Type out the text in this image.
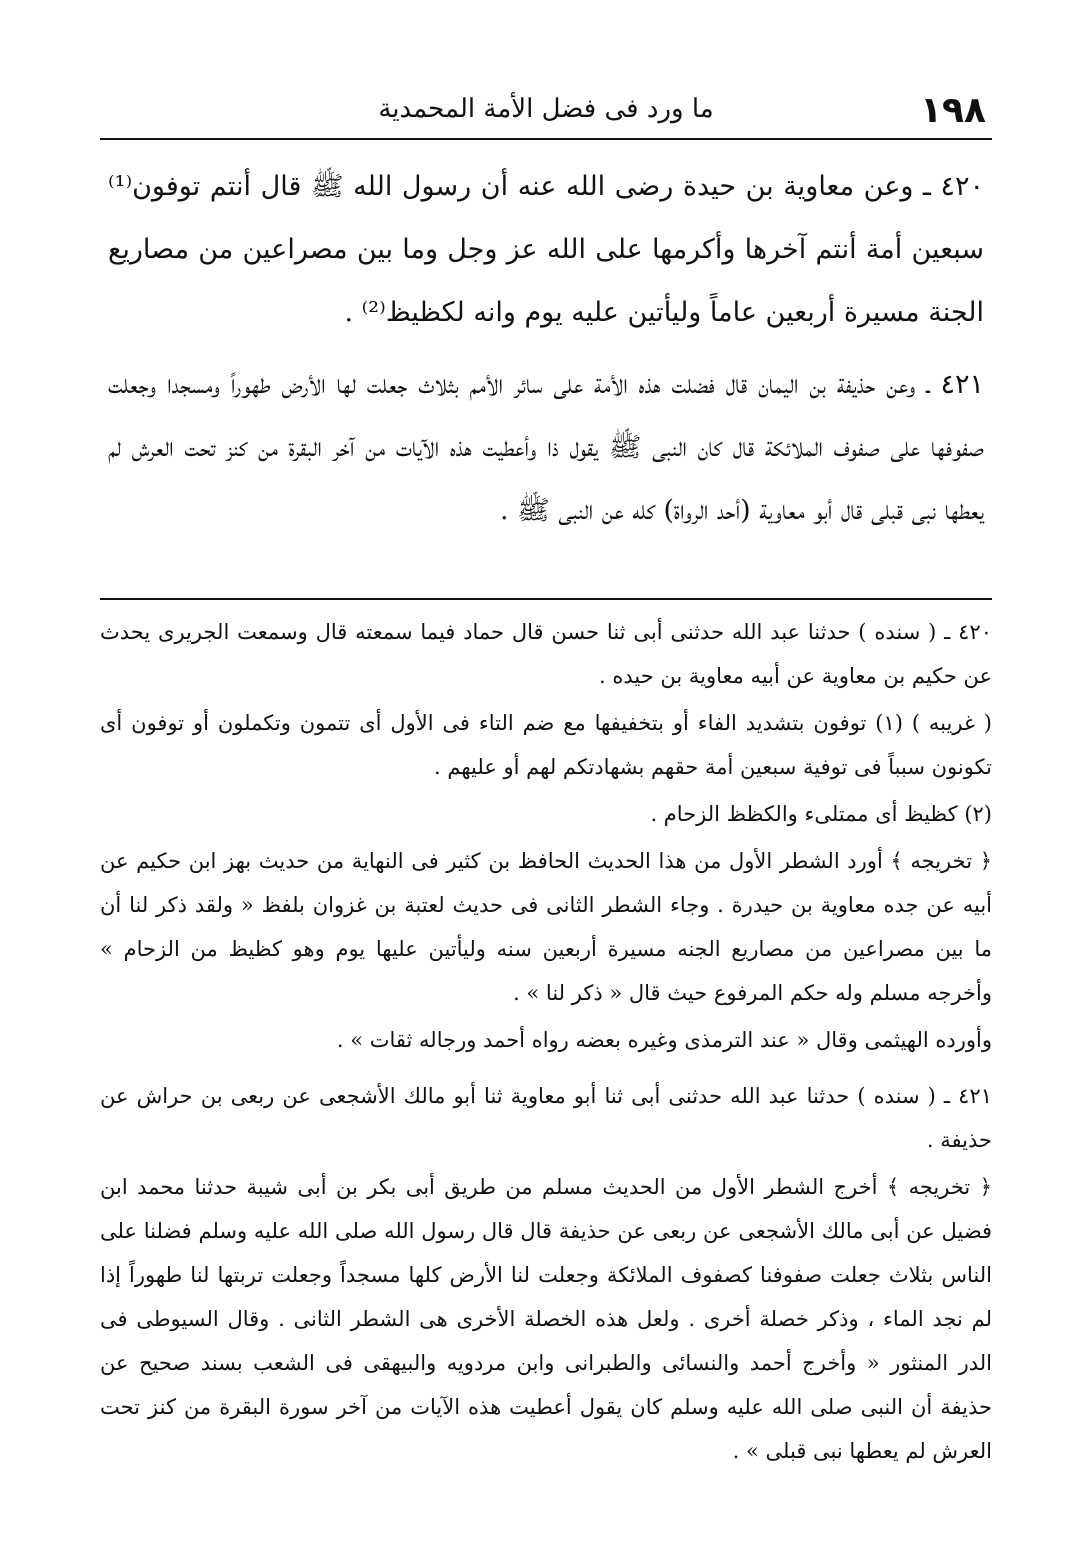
١٩٨
ما ورد فى فضل الأمة المحمدية

٤٢٠ ـ وعن معاوية بن حيدة رضى الله عنه أن رسول الله ﷺ قال أنتم توفون⁽¹⁾ سبعين أمة أنتم آخرها وأكرمها على الله عز وجل وما بين مصراعين من مصاريع الجنة مسيرة أربعين عاماً وليأتين عليه يوم وانه لكظيظ⁽²⁾ .

٤٢١ ـ وعن حذيفة بن اليمان قال فضلت هذه الأمة على سائر الأمم بثلاث جعلت لها الأرض طهوراً ومسجدا وجعلت صفوفها على صفوف الملائكة قال كان النبى ﷺ يقول ذا وأعطيت هذه الآيات من آخر البقرة من كنز تحت العرش لم يعطها نبى قبلى قال أبو معاوية (أحد الرواة) كله عن النبى ﷺ .

٤٢٠ ـ ( سنده ) حدثنا عبد الله حدثنى أبى ثنا حسن قال حماد فيما سمعته قال وسمعت الجريرى يحدث عن حكيم بن معاوية عن أبيه معاوية بن حيده .

( غريبه ) (١) توفون بتشديد الفاء أو بتخفيفها مع ضم التاء فى الأول أى تتمون وتكملون أو توفون أى تكونون سبباً فى توفية سبعين أمة حقهم بشهادتكم لهم أو عليهم .

(٢) كظيظ أى ممتلىء والكظظ الزحام .

﴿ تخريجه ﴾ أورد الشطر الأول من هذا الحديث الحافظ بن كثير فى النهاية من حديث بهز ابن حكيم عن أبيه عن جده معاوية بن حيدرة . وجاء الشطر الثانى فى حديث لعتبة بن غزوان بلفظ « ولقد ذكر لنا أن ما بين مصراعين من مصاريع الجنه مسيرة أربعين سنه وليأتين عليها يوم وهو كظيظ من الزحام » وأخرجه مسلم وله حكم المرفوع حيث قال « ذكر لنا » .

وأورده الهيثمى وقال « عند الترمذى وغيره بعضه رواه أحمد ورجاله ثقات » .

٤٢١ ـ ( سنده ) حدثنا عبد الله حدثنى أبى ثنا أبو معاوية ثنا أبو مالك الأشجعى عن ربعى بن حراش عن حذيفة .

﴿ تخريجه ﴾ أخرج الشطر الأول من الحديث مسلم من طريق أبى بكر بن أبى شيبة حدثنا محمد ابن فضيل عن أبى مالك الأشجعى عن ربعى عن حذيفة قال قال رسول الله صلى الله عليه وسلم فضلنا على الناس بثلاث جعلت صفوفنا كصفوف الملائكة وجعلت لنا الأرض كلها مسجداً وجعلت تربتها لنا طهوراً إذا لم نجد الماء ، وذكر خصلة أخرى . ولعل هذه الخصلة الأخرى هى الشطر الثانى . وقال السيوطى فى الدر المنثور « وأخرج أحمد والنسائى والطبرانى وابن مردويه والبيهقى فى الشعب بسند صحيح عن حذيفة أن النبى صلى الله عليه وسلم كان يقول أعطيت هذه الآيات من آخر سورة البقرة من كنز تحت العرش لم يعطها نبى قبلى » .
